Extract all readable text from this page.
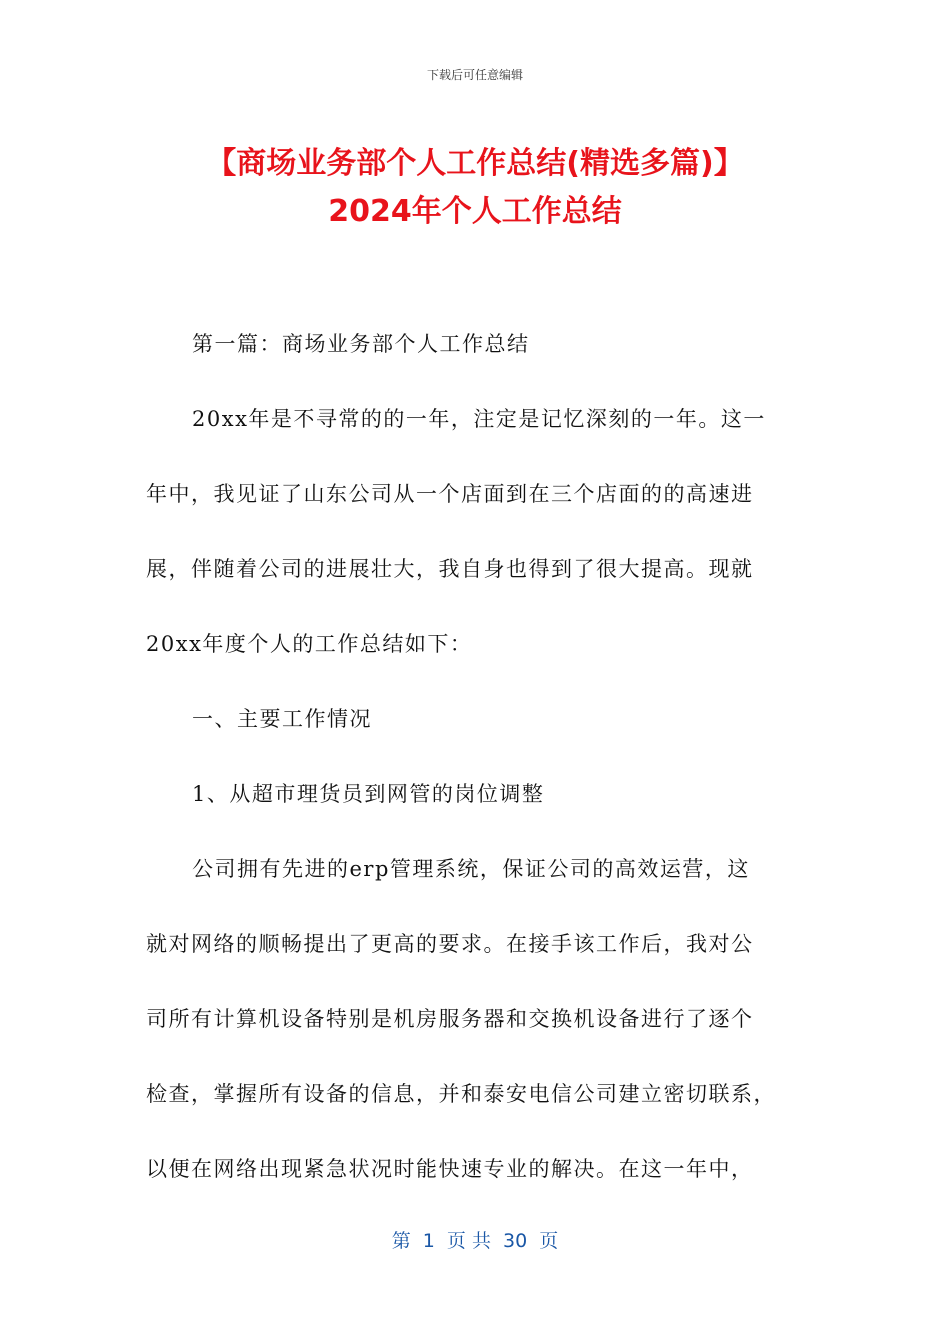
下载后可任意编辑
【商场业务部个人工作总结(精选多篇)】
2024年个人工作总结
第一篇：商场业务部个人工作总结
20xx年是不寻常的的一年，注定是记忆深刻的一年。这一
年中，我见证了山东公司从一个店面到在三个店面的的高速进
展，伴随着公司的进展壮大，我自身也得到了很大提高。现就
20xx年度个人的工作总结如下：
一、主要工作情况
1、从超市理货员到网管的岗位调整
公司拥有先进的erp管理系统，保证公司的高效运营，这
就对网络的顺畅提出了更高的要求。在接手该工作后，我对公
司所有计算机设备特别是机房服务器和交换机设备进行了逐个
检查，掌握所有设备的信息，并和泰安电信公司建立密切联系，
以便在网络出现紧急状况时能快速专业的解决。在这一年中，
第  1  页 共  30  页
